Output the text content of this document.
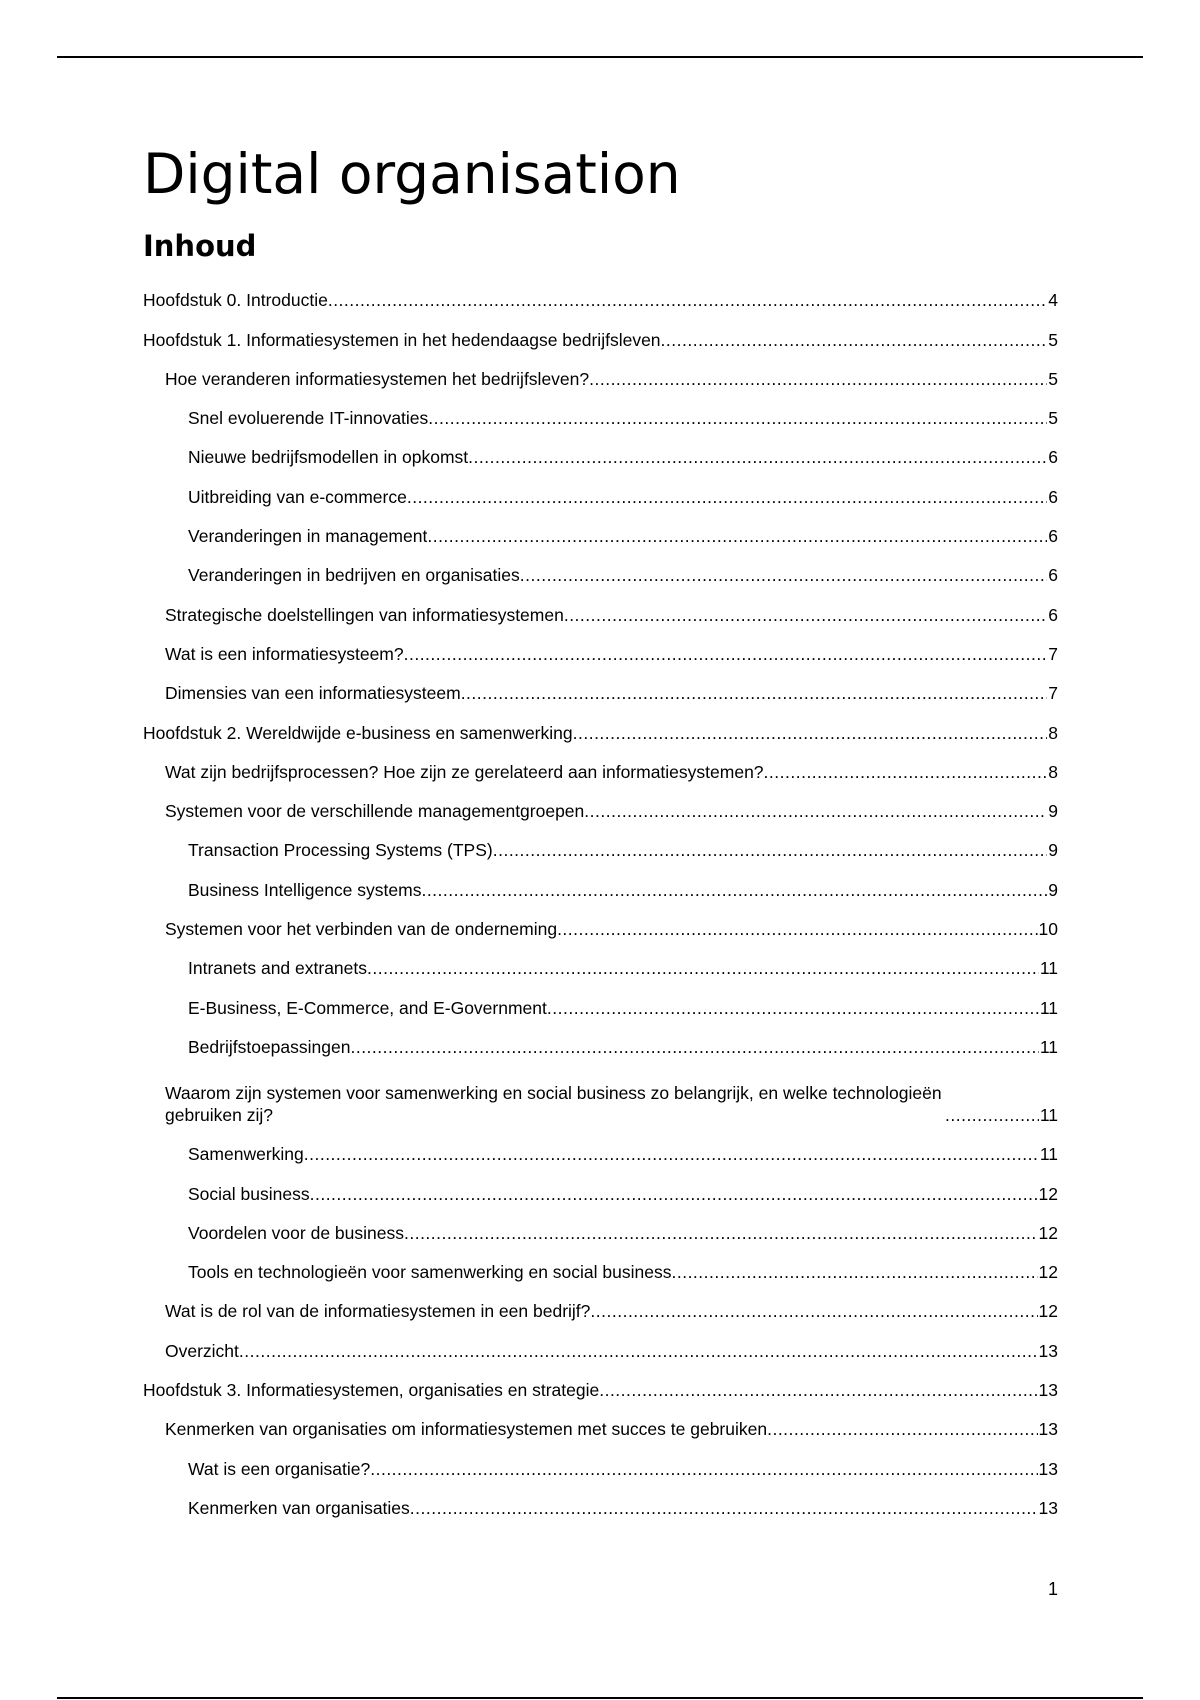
Digital organisation
Inhoud
Hoofdstuk 0. Introductie .....	4
Hoofdstuk 1. Informatiesystemen in het hedendaagse bedrijfsleven .....	5
Hoe veranderen informatiesystemen het bedrijfsleven? .....	5
Snel evoluerende IT-innovaties .....	5
Nieuwe bedrijfsmodellen in opkomst .....	6
Uitbreiding van e-commerce .....	6
Veranderingen in management .....	6
Veranderingen in bedrijven en organisaties .....	6
Strategische doelstellingen van informatiesystemen .....	6
Wat is een informatiesysteem? .....	7
Dimensies van een informatiesysteem .....	7
Hoofdstuk 2. Wereldwijde e-business en samenwerking .....	8
Wat zijn bedrijfsprocessen? Hoe zijn ze gerelateerd aan informatiesystemen? .....	8
Systemen voor de verschillende managementgroepen .....	9
Transaction Processing Systems (TPS) .....	9
Business Intelligence systems .....	9
Systemen voor het verbinden van de onderneming .....	10
Intranets and extranets .....	11
E-Business, E-Commerce, and E-Government .....	11
Bedrijfstoepassingen .....	11
Waarom zijn systemen voor samenwerking en social business zo belangrijk, en welke technologieën gebruiken zij? .....	11
Samenwerking .....	11
Social business .....	12
Voordelen voor de business .....	12
Tools en technologieën voor samenwerking en social business .....	12
Wat is de rol van de informatiesystemen in een bedrijf? .....	12
Overzicht .....	13
Hoofdstuk 3. Informatiesystemen, organisaties en strategie .....	13
Kenmerken van organisaties om informatiesystemen met succes te gebruiken .....	13
Wat is een organisatie? .....	13
Kenmerken van organisaties .....	13
1
